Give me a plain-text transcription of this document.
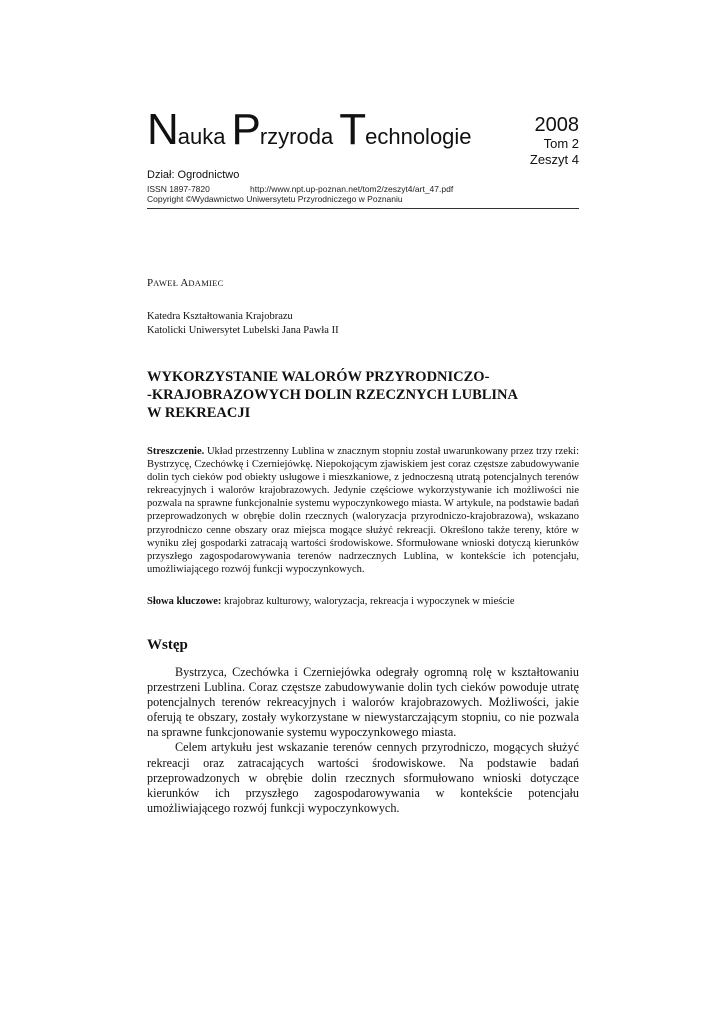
Nauka Przyroda Technologie	2008
Tom 2
Zeszyt 4
Dział: Ogrodnictwo
ISSN 1897-7820	http://www.npt.up-poznan.net/tom2/zeszyt4/art_47.pdf
Copyright ©Wydawnictwo Uniwersytetu Przyrodniczego w Poznaniu
PAWEŁ ADAMIEC
Katedra Kształtowania Krajobrazu
Katolicki Uniwersytet Lubelski Jana Pawła II
WYKORZYSTANIE WALORÓW PRZYRODNICZO-
-KRAJOBRAZOWYCH DOLIN RZECZNYCH LUBLINA
W REKREACJI

Streszczenie. Układ przestrzenny Lublina w znacznym stopniu został uwarunkowany przez trzy rzeki: Bystrzycę, Czechówkę i Czerniejówkę. Niepokojącym zjawiskiem jest coraz częstsze zabudowywanie dolin tych cieków pod obiekty usługowe i mieszkaniowe, z jednoczesną utratą potencjalnych terenów rekreacyjnych i walorów krajobrazowych. Jedynie częściowe wykorzystywanie ich możliwości nie pozwala na sprawne funkcjonalnie systemu wypoczynkowego miasta. W artykule, na podstawie badań przeprowadzonych w obrębie dolin rzecznych (waloryzacja przyrodniczo-krajobrazowa), wskazano przyrodniczo cenne obszary oraz miejsca mogące służyć rekreacji. Określono także tereny, które w wyniku złej gospodarki zatracają wartości środowiskowe. Sformułowane wnioski dotyczą kierunków przyszłego zagospodarowywania terenów nadrzecznych Lublina, w kontekście ich potencjału, umożliwiającego rozwój funkcji wypoczynkowych.

Słowa kluczowe: krajobraz kulturowy, waloryzacja, rekreacja i wypoczynek w mieście

Wstęp

Bystrzyca, Czechówka i Czerniejówka odegrały ogromną rolę w kształtowaniu przestrzeni Lublina. Coraz częstsze zabudowywanie dolin tych cieków powoduje utratę potencjalnych terenów rekreacyjnych i walorów krajobrazowych. Możliwości, jakie oferują te obszary, zostały wykorzystane w niewystarczającym stopniu, co nie pozwala na sprawne funkcjonowanie systemu wypoczynkowego miasta.

Celem artykułu jest wskazanie terenów cennych przyrodniczo, mogących służyć rekreacji oraz zatracających wartości środowiskowe. Na podstawie badań przeprowadzonych w obrębie dolin rzecznych sformułowano wnioski dotyczące kierunków ich przyszłego zagospodarowywania w kontekście potencjału umożliwiającego rozwój funkcji wypoczynkowych.
